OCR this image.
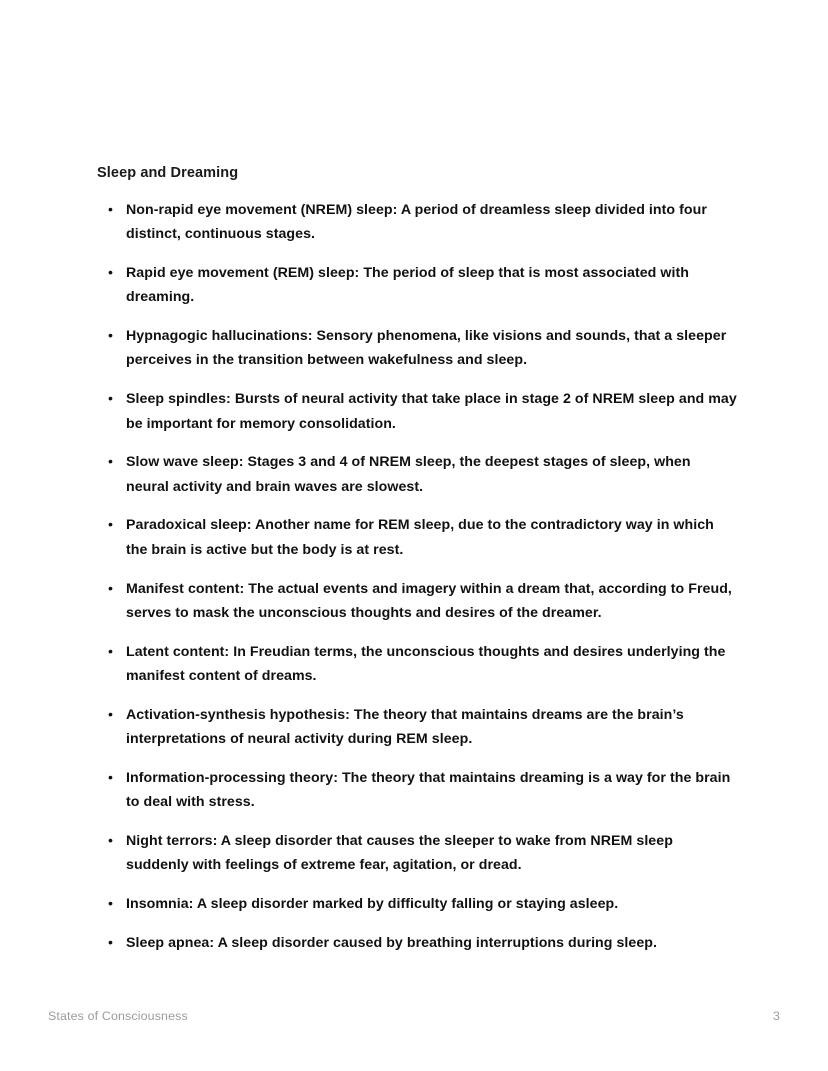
Sleep and Dreaming
• Non-rapid eye movement (NREM) sleep: A period of dreamless sleep divided into four distinct, continuous stages.
• Rapid eye movement (REM) sleep: The period of sleep that is most associated with dreaming.
• Hypnagogic hallucinations: Sensory phenomena, like visions and sounds, that a sleeper perceives in the transition between wakefulness and sleep.
• Sleep spindles: Bursts of neural activity that take place in stage 2 of NREM sleep and may be important for memory consolidation.
• Slow wave sleep: Stages 3 and 4 of NREM sleep, the deepest stages of sleep, when neural activity and brain waves are slowest.
• Paradoxical sleep: Another name for REM sleep, due to the contradictory way in which the brain is active but the body is at rest.
• Manifest content: The actual events and imagery within a dream that, according to Freud, serves to mask the unconscious thoughts and desires of the dreamer.
• Latent content: In Freudian terms, the unconscious thoughts and desires underlying the manifest content of dreams.
• Activation-synthesis hypothesis: The theory that maintains dreams are the brain’s interpretations of neural activity during REM sleep.
• Information-processing theory: The theory that maintains dreaming is a way for the brain to deal with stress.
• Night terrors: A sleep disorder that causes the sleeper to wake from NREM sleep suddenly with feelings of extreme fear, agitation, or dread.
• Insomnia: A sleep disorder marked by difficulty falling or staying asleep.
• Sleep apnea: A sleep disorder caused by breathing interruptions during sleep.
States of Consciousness	3
